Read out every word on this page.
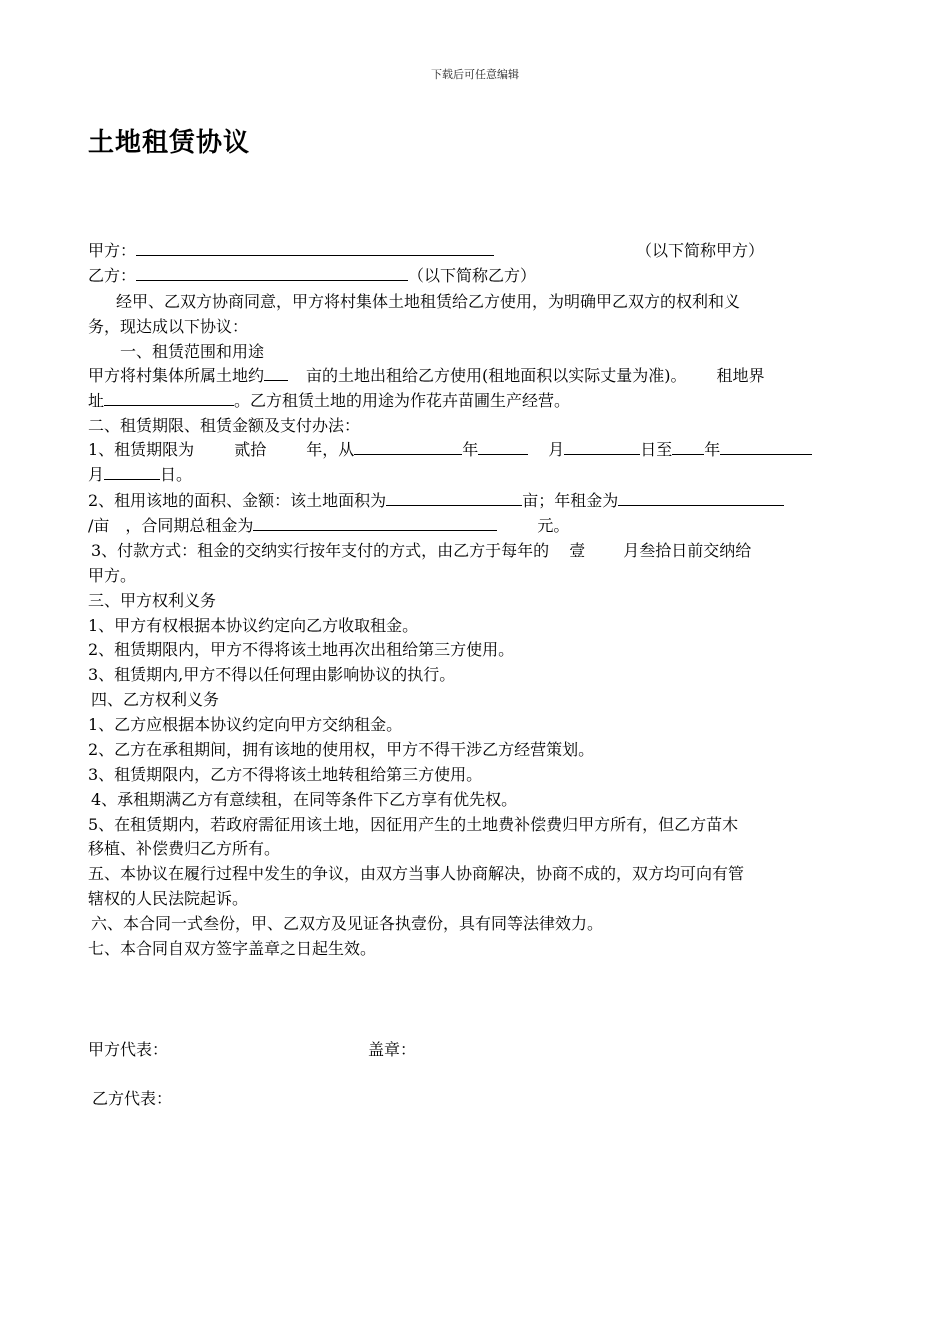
下载后可任意编辑
土地租赁协议
甲方：	（以下简称甲方）
乙方：	（以下简称乙方）
经甲、乙双方协商同意，甲方将村集体土地租赁给乙方使用，为明确甲乙双方的权利和义
务，现达成以下协议：
一、租赁范围和用途
甲方将村集体所属土地约	亩的土地出租给乙方使用(租地面积以实际丈量为准)。 租地界
址	。乙方租赁土地的用途为作花卉苗圃生产经营。
二、租赁期限、租赁金额及支付办法：
1、租赁期限为	贰拾	年，从	年	月	日至 年
月	日。
2、租用该地的面积、金额：该土地面积为	亩；年租金为
/亩 ，合同期总租金为	元。
3、付款方式：租金的交纳实行按年支付的方式，由乙方于每年的 壹 月叁拾日前交纳给
甲方。
三、甲方权利义务
1、甲方有权根据本协议约定向乙方收取租金。
2、租赁期限内，甲方不得将该土地再次出租给第三方使用。
3、租赁期内,甲方不得以任何理由影响协议的执行。
四、乙方权利义务
1、乙方应根据本协议约定向甲方交纳租金。
2、乙方在承租期间，拥有该地的使用权，甲方不得干涉乙方经营策划。
3、租赁期限内，乙方不得将该土地转租给第三方使用。
4、承租期满乙方有意续租，在同等条件下乙方享有优先权。
5、在租赁期内，若政府需征用该土地，因征用产生的土地费补偿费归甲方所有，但乙方苗木
移植、补偿费归乙方所有。
五、本协议在履行过程中发生的争议，由双方当事人协商解决，协商不成的，双方均可向有管
辖权的人民法院起诉。
六、本合同一式叁份，甲、乙双方及见证各执壹份，具有同等法律效力。
七、本合同自双方签字盖章之日起生效。
甲方代表：	盖章：
乙方代表：
